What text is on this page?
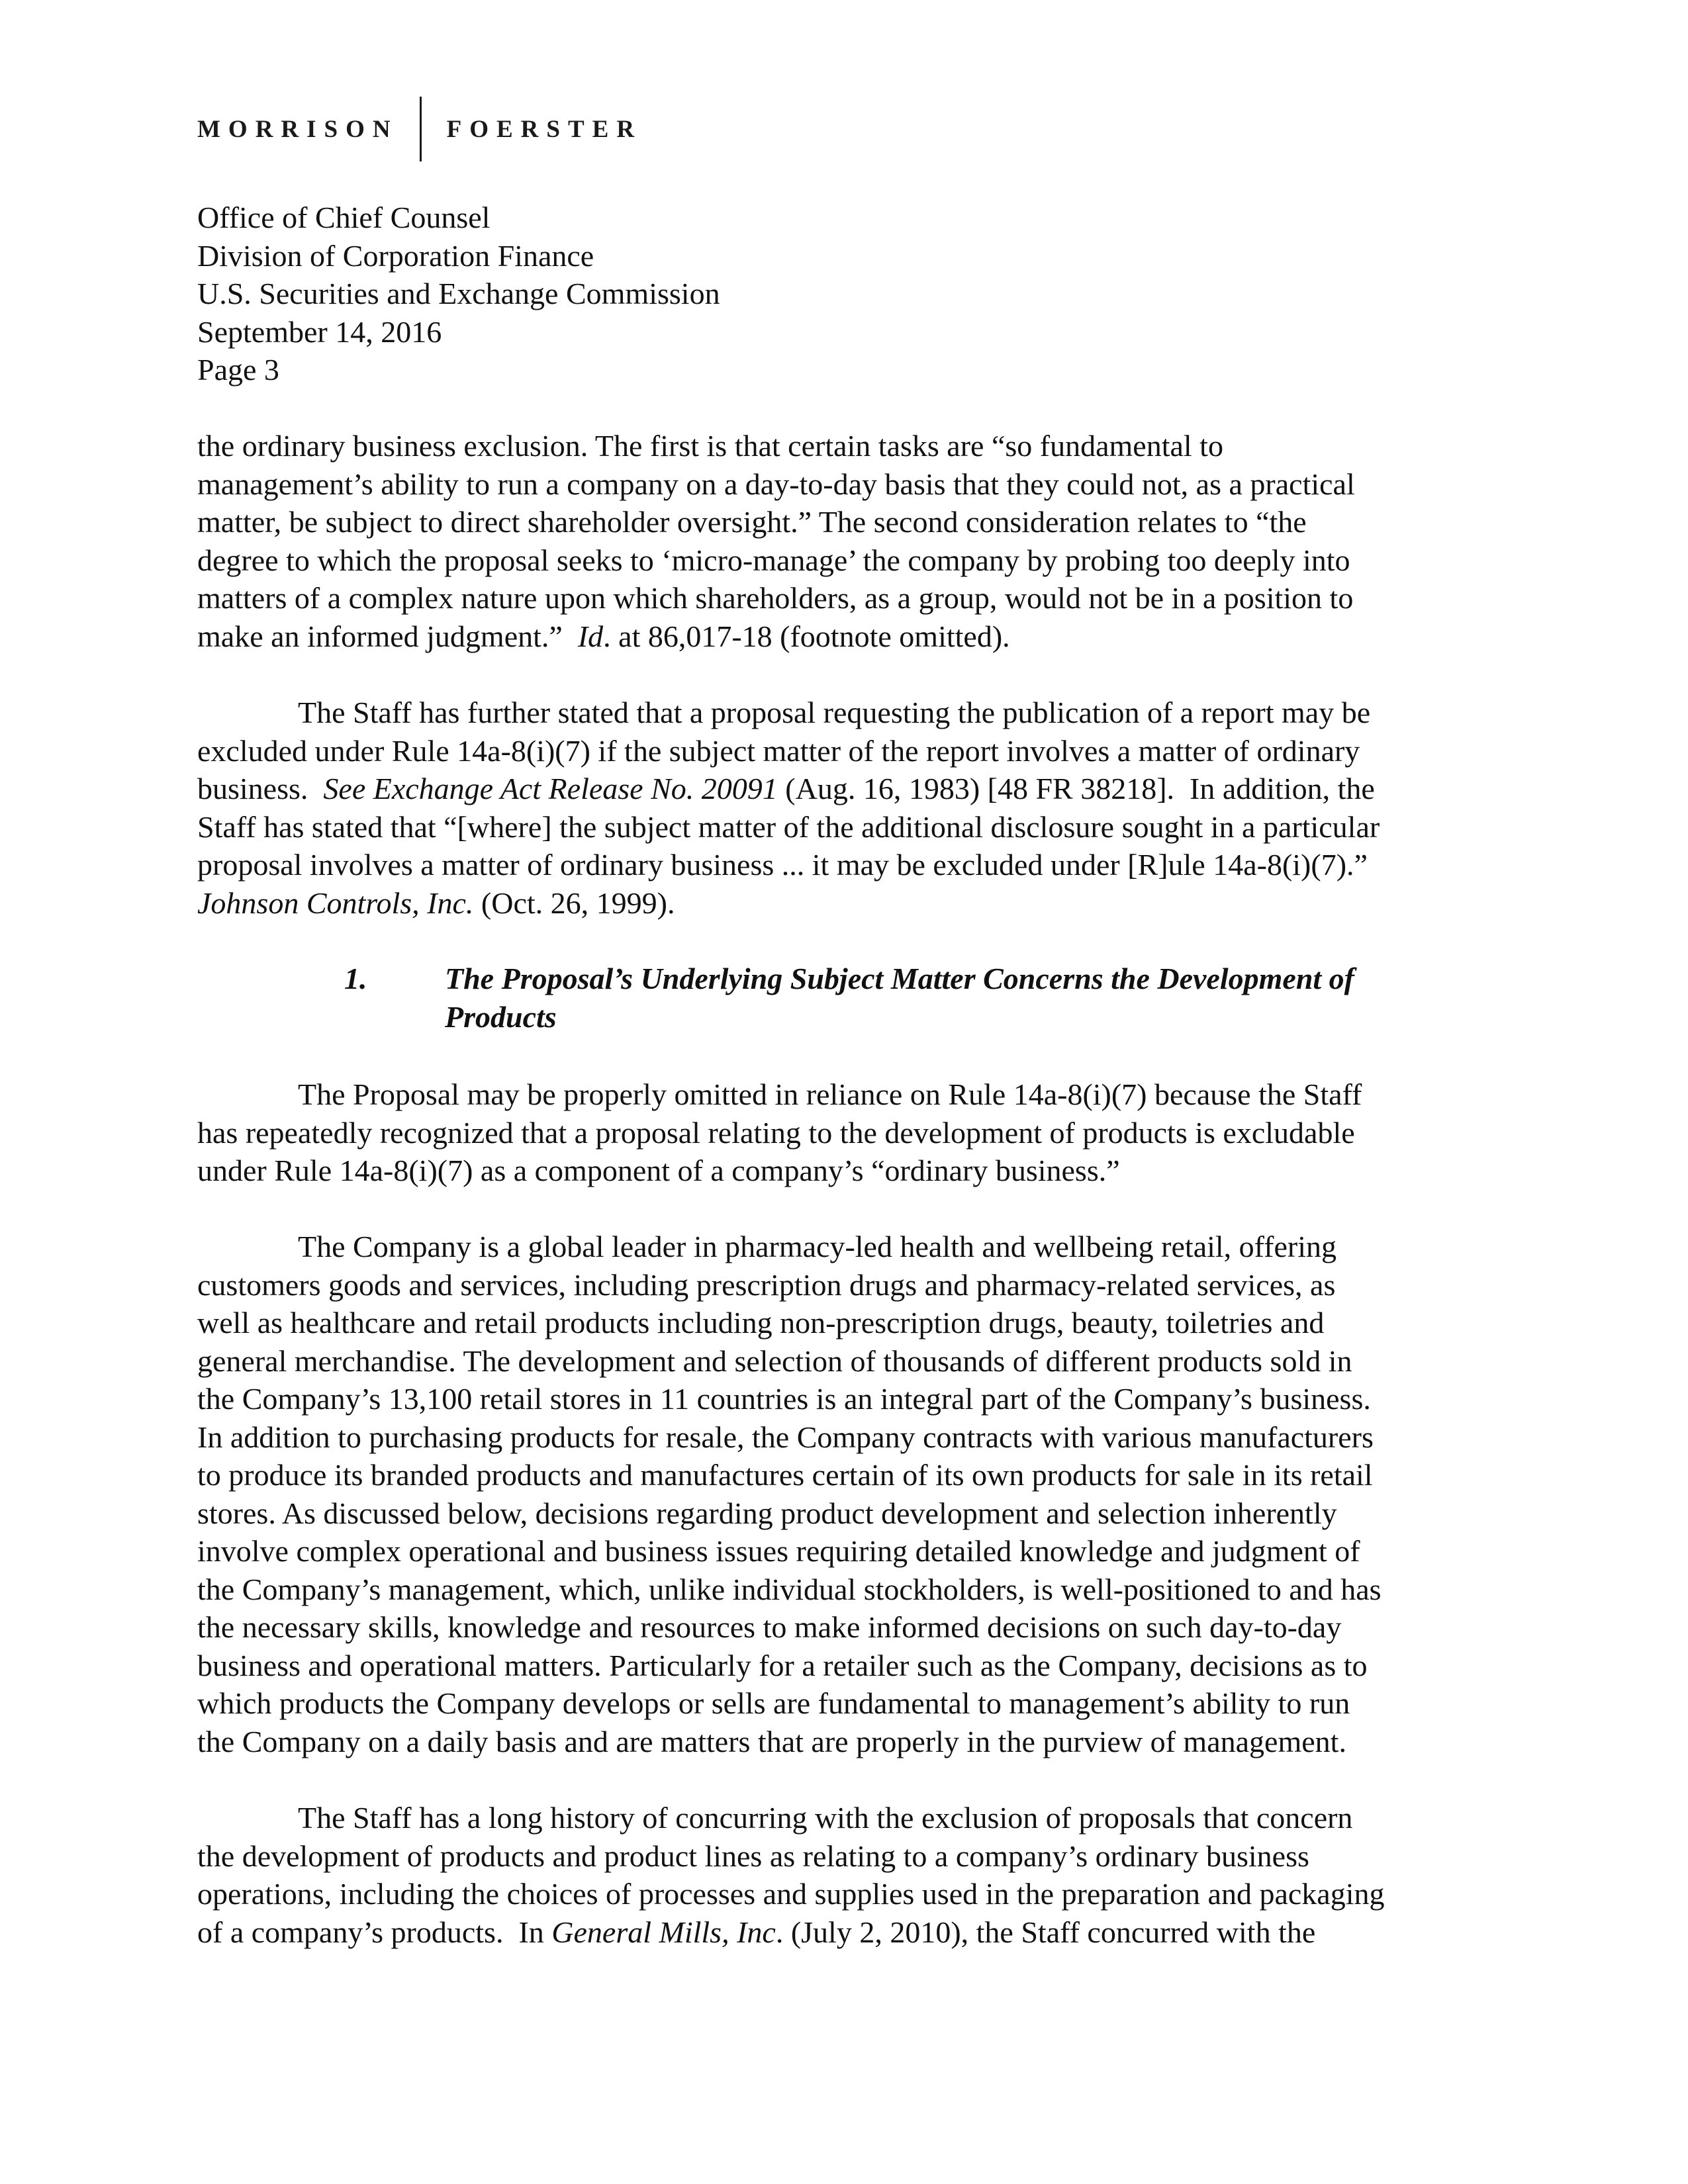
MORRISON FOERSTER
Office of Chief Counsel
Division of Corporation Finance
U.S. Securities and Exchange Commission
September 14, 2016
Page 3
the ordinary business exclusion. The first is that certain tasks are “so fundamental to
management’s ability to run a company on a day-to-day basis that they could not, as a practical
matter, be subject to direct shareholder oversight.” The second consideration relates to “the
degree to which the proposal seeks to ‘micro-manage’ the company by probing too deeply into
matters of a complex nature upon which shareholders, as a group, would not be in a position to
make an informed judgment.”  Id. at 86,017-18 (footnote omitted).
The Staff has further stated that a proposal requesting the publication of a report may be
excluded under Rule 14a-8(i)(7) if the subject matter of the report involves a matter of ordinary
business.  See Exchange Act Release No. 20091 (Aug. 16, 1983) [48 FR 38218].  In addition, the
Staff has stated that “[where] the subject matter of the additional disclosure sought in a particular
proposal involves a matter of ordinary business ... it may be excluded under [R]ule 14a-8(i)(7).”
Johnson Controls, Inc. (Oct. 26, 1999).
1.	The Proposal’s Underlying Subject Matter Concerns the Development of
Products
The Proposal may be properly omitted in reliance on Rule 14a-8(i)(7) because the Staff
has repeatedly recognized that a proposal relating to the development of products is excludable
under Rule 14a-8(i)(7) as a component of a company’s “ordinary business.”
The Company is a global leader in pharmacy-led health and wellbeing retail, offering
customers goods and services, including prescription drugs and pharmacy-related services, as
well as healthcare and retail products including non-prescription drugs, beauty, toiletries and
general merchandise. The development and selection of thousands of different products sold in
the Company’s 13,100 retail stores in 11 countries is an integral part of the Company’s business.
In addition to purchasing products for resale, the Company contracts with various manufacturers
to produce its branded products and manufactures certain of its own products for sale in its retail
stores. As discussed below, decisions regarding product development and selection inherently
involve complex operational and business issues requiring detailed knowledge and judgment of
the Company’s management, which, unlike individual stockholders, is well-positioned to and has
the necessary skills, knowledge and resources to make informed decisions on such day-to-day
business and operational matters. Particularly for a retailer such as the Company, decisions as to
which products the Company develops or sells are fundamental to management’s ability to run
the Company on a daily basis and are matters that are properly in the purview of management.
The Staff has a long history of concurring with the exclusion of proposals that concern
the development of products and product lines as relating to a company’s ordinary business
operations, including the choices of processes and supplies used in the preparation and packaging
of a company’s products.  In General Mills, Inc. (July 2, 2010), the Staff concurred with the
